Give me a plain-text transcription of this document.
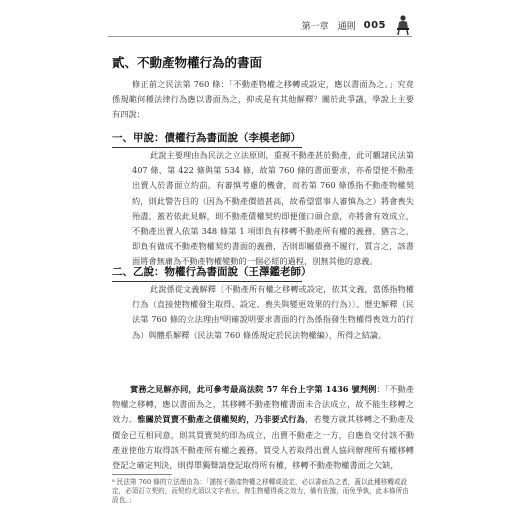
第一章　通則 005
貳、不動產物權行為的書面

修正前之民法第 760 條：「不動產物權之移轉或設定，應以書面為之。」究竟係規範何種法律行為應以書面為之，抑或是有其他解釋？關於此爭議，學說上主要有四說：

一、甲說：債權行為書面說（李模老師）

此說主要理由為民法之立法原則，重視不動產甚於動產，此可觀諸民法第 407 條、第 422 條與第 534 條，故第 760 條的書面要求，亦希望使不動產出賣人於書面立約前，有審慎考慮的機會，而若第 760 條係指不動產物權契約，則此警告目的（因為不動產價值甚高，故希望當事人審慎為之）將會喪失殆盡，蓋若依此見解，則不動產債權契約即便僅口頭合意，亦將會有效成立，不動產出賣人依第 348 條第 1 項即負有移轉不動產所有權的義務，猶言之，即負有做成不動產物權契約書面的義務，否則即屬債務不履行，質言之，該書面將會無庸為不動產物權變動的一個必經的過程，別無其他的意義。

二、乙說：物權行為書面說（王澤鑑老師）

此說係從文義解釋〔不動產所有權之移轉或設定，依其文義，當係指物權行為（直接使物權發生取得、設定、喪失與變更效果的行為）〕、歷史解釋（民法第 760 條的立法理由⁸明確說明要求書面的行為係指發生物權得喪效力的行為）與體系解釋（民法第 760 條係規定於民法物權編），所得之結論。

實務之見解亦同，此可參考最高法院 57 年台上字第 1436 號判例：「不動產物權之移轉，應以書面為之，其移轉不動產物權書面未合法成立，故不能生移轉之效力。惟關於買賣不動產之債權契約，乃非要式行為，若雙方就其移轉之不動產及價金已互相同意，則其買賣契約即為成立，出賣不動產之一方，自應負交付該不動產並使他方取得該不動產所有權之義務，買受人若取得出賣人協同辦理所有權移轉登記之確定判決，則得單獨聲請登記取得所有權，移轉不動產物權書面之欠缺，

⁸ 民法第 760 條的立法理由為：「謹按不動產物權之移轉或設定，必以書面為之者，蓋以此種移轉或設定，必須訂立契約，而契約尤須以文字表示，俾生物權得喪之效力，備有佐據，而免爭執，此本條所由設也。」
